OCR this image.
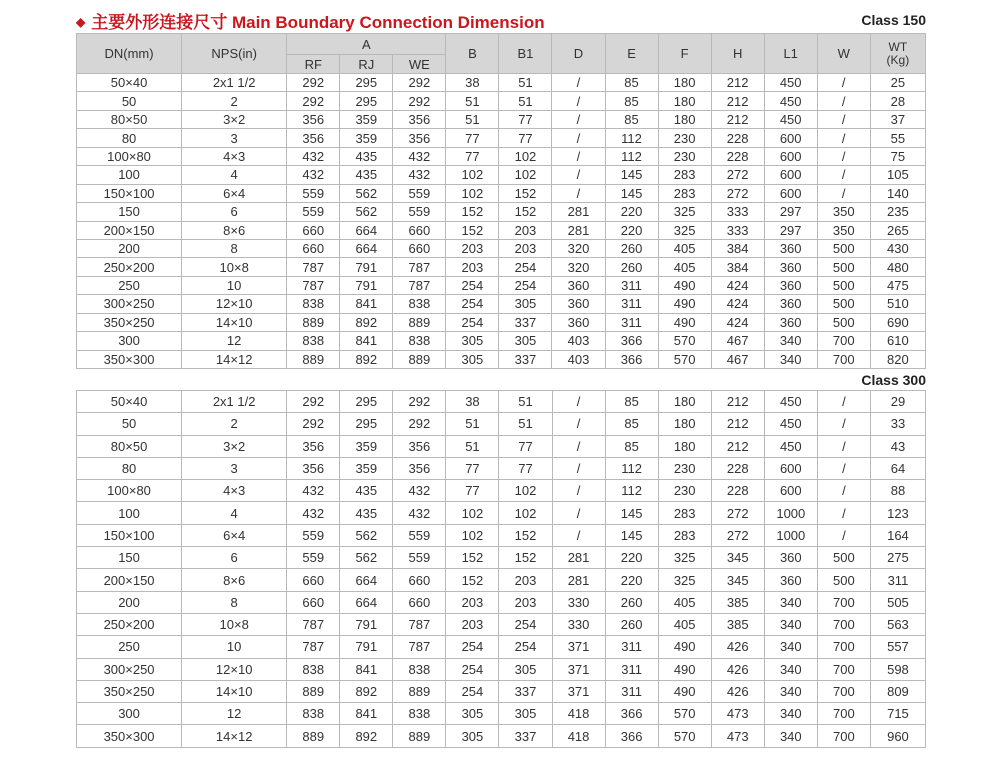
◆ 主要外形连接尺寸 Main Boundary Connection Dimension	Class 150
DN(mm)	NPS(in)	A			B	B1	D	E	F	H	L1	W	WT
(Kg)
		RF	RJ	WE									
50×40	2x1 1/2	292	295	292	38	51	/	85	180	212	450	/	25
50	2	292	295	292	51	51	/	85	180	212	450	/	28
80×50	3×2	356	359	356	51	77	/	85	180	212	450	/	37
80	3	356	359	356	77	77	/	112	230	228	600	/	55
100×80	4×3	432	435	432	77	102	/	112	230	228	600	/	75
100	4	432	435	432	102	102	/	145	283	272	600	/	105
150×100	6×4	559	562	559	102	152	/	145	283	272	600	/	140
150	6	559	562	559	152	152	281	220	325	333	297	350	235
200×150	8×6	660	664	660	152	203	281	220	325	333	297	350	265
200	8	660	664	660	203	203	320	260	405	384	360	500	430
250×200	10×8	787	791	787	203	254	320	260	405	384	360	500	480
250	10	787	791	787	254	254	360	311	490	424	360	500	475
300×250	12×10	838	841	838	254	305	360	311	490	424	360	500	510
350×250	14×10	889	892	889	254	337	360	311	490	424	360	500	690
300	12	838	841	838	305	305	403	366	570	467	340	700	610
350×300	14×12	889	892	889	305	337	403	366	570	467	340	700	820
Class 300
50×40	2x1 1/2	292	295	292	38	51	/	85	180	212	450	/	29
50	2	292	295	292	51	51	/	85	180	212	450	/	33
80×50	3×2	356	359	356	51	77	/	85	180	212	450	/	43
80	3	356	359	356	77	77	/	112	230	228	600	/	64
100×80	4×3	432	435	432	77	102	/	112	230	228	600	/	88
100	4	432	435	432	102	102	/	145	283	272	1000	/	123
150×100	6×4	559	562	559	102	152	/	145	283	272	1000	/	164
150	6	559	562	559	152	152	281	220	325	345	360	500	275
200×150	8×6	660	664	660	152	203	281	220	325	345	360	500	311
200	8	660	664	660	203	203	330	260	405	385	340	700	505
250×200	10×8	787	791	787	203	254	330	260	405	385	340	700	563
250	10	787	791	787	254	254	371	311	490	426	340	700	557
300×250	12×10	838	841	838	254	305	371	311	490	426	340	700	598
350×250	14×10	889	892	889	254	337	371	311	490	426	340	700	809
300	12	838	841	838	305	305	418	366	570	473	340	700	715
350×300	14×12	889	892	889	305	337	418	366	570	473	340	700	960
